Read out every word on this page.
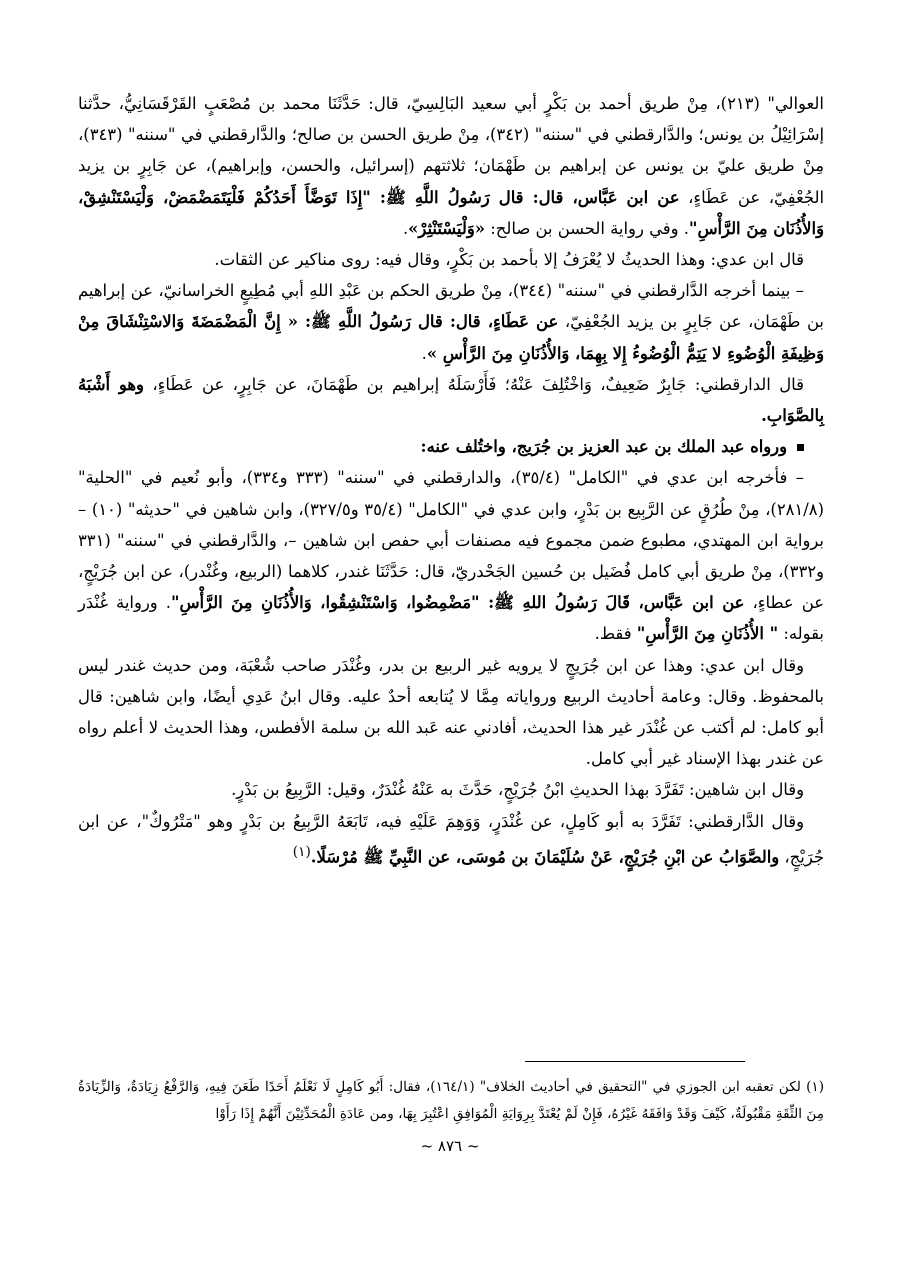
العوالي" (٢١٣)، مِنْ طريق أحمد بن بَكْرٍ أبي سعيد البَالِسِيّ، قال: حَدَّثَنَا محمد بن مُصْعَبٍ القَرْقَسَانِيُّ، حدَّثنا إسْرَائِيْلُ بن يونس؛ والدَّارقطني في "سننه" (٣٤٢)، مِنْ طريق الحسن بن صالح؛ والدَّارقطني في "سننه" (٣٤٣)، مِنْ طريق عليّ بن يونس عن إبراهيم بن طَهْمَان؛ ثلاثتهم (إسرائيل، والحسن، وإبراهيم)، عن جَابِرٍ بن يزيد الجُعْفِيّ، عن عَطَاءٍ، عن ابن عَبَّاس، قال: قال رَسُولُ اللَّهِ ﷺ: "إِذَا تَوَضَّأَ أَحَدُكُمْ فَلْيَتَمَضْمَضْ، وَلْيَسْتَنْشِقْ، وَالأُذُنَان مِنَ الرَّأْسِ". وفي رواية الحسن بن صالح: «وَلْيَسْتَنْثِرْ».

قال ابن عدي: وهذا الحديثُ لا يُعْرَفُ إلا بأحمد بن بَكْرٍ، وقال فيه: روى مناكير عن الثقات.

– بينما أخرجه الدَّارقطني في "سننه" (٣٤٤)، مِنْ طريق الحكم بن عَبْدِ اللهِ أبي مُطِيعٍ الخراسانيّ، عن إبراهيم بن طَهْمَان، عن جَابِرٍ بن يزيد الجُعْفِيّ، عن عَطَاءٍ، قال: قال رَسُولُ اللَّهِ ﷺ: « إِنَّ الْمَضْمَضَةَ وَالاسْتِنْشَاقَ مِنْ وَظِيفَةِ الْوُضُوءِ لا يَتِمُّ الْوُضُوءُ إِلا بِهِمَا، وَالأُذُنَانِ مِنَ الرَّأْسِ ».

قال الدارقطني: جَابِرٌ ضَعِيفٌ، وَاخْتُلِفَ عَنْهُ؛ فَأَرْسَلَهُ إبراهيم بن طَهْمَانَ، عن جَابِرٍ، عن عَطَاءٍ، وهو أَشْبَهُ بِالصَّوَابِ.

ورواه عبد الملك بن عبد العزيز بن جُرَيج، واختُلف عنه:

– فأخرجه ابن عدي في "الكامل" (٣٥/٤)، والدارقطني في "سننه" (٣٣٣ و٣٣٤)، وأبو نُعيم في "الحلية" (٢٨١/٨)، مِنْ طُرُقٍ عن الرَّبِيع بن بَدْرٍ، وابن عدي في "الكامل" (٣٥/٤ و٣٢٧/٥)، وابن شاهين في "حديثه" (١٠) – برواية ابن المهتدي، مطبوع ضمن مجموع فيه مصنفات أبي حفص ابن شاهين –، والدَّارقطني في "سننه" (٣٣١ و٣٣٢)، مِنْ طريق أبي كامل فُضَيل بن حُسين الجَحْدريّ، قال: حَدَّثَنَا غندر، كلاهما (الربيع، وغُنْدر)، عن ابن جُرَيْجٍ، عن عطاءٍ، عن ابن عَبَّاس، قَالَ رَسُولُ اللهِ ﷺ: "مَضْمِضُوا، وَاسْتَنْشِقُوا، وَالأُذُنَانِ مِنَ الرَّأْسِ". ورواية غُنْدَر بقوله: " الأُذُنَانِ مِنَ الرَّأْسِ" فقط.

وقال ابن عدي: وهذا عن ابن جُرَيجٍ لا يرويه غير الربيع بن بدر، وغُنْدَر صاحب شُعْبَة، ومن حديث غندر ليس بالمحفوظ. وقال: وعامة أحاديث الربيع ورواياته مِمَّا لا يُتابعه أحدٌ عليه. وقال ابنُ عَدِي أيضًا، وابن شاهين: قال أبو كامل: لم أكتب عن غُنْدَر غير هذا الحديث، أفادني عنه عَبد الله بن سلمة الأفطس، وهذا الحديث لا أعلم رواه عن غندر بهذا الإسناد غير أبي كامل.

وقال ابن شاهين: تَفَرَّدَ بهذا الحديثِ ابْنُ جُرَيْجٍ، حَدَّثَ به عَنْهُ غُنْدَرٌ، وقيل: الرَّبِيعُ بن بَدْرٍ.

وقال الدَّارقطني: تَفَرَّدَ به أبو كَامِلٍ، عن غُنْدَرٍ، وَوَهِمَ عَلَيْهِ فيه، تَابَعَهُ الرَّبِيعُ بن بَدْرٍ وهو "مَتْرُوكٌ"، عن ابن جُرَيْجٍ، والصَّوَابُ عن ابْنِ جُرَيْجٍ، عَنْ سُلَيْمَانَ بن مُوسَى، عن النَّبِيِّ ﷺ مُرْسَلًا.$^{(١)}$

(١) لكن تعقبه ابن الجوزي في "التحقيق في أحاديث الخلاف" (١٦٤/١)، فقال: أَبُو كَامِلٍ لَا نَعْلَمُ أَحَدًا طَعَنَ فِيهِ، وَالرَّفْعُ زِيَادَةٌ، وَالزِّيَادَةُ مِنَ الثِّقَةِ مَقْبُولَةٌ، كَيْفَ وَقَدْ وَافَقَهُ غَيْرُهُ، فَإِنْ لَمْ يُعْتَدَّ بِرِوَايَةِ الْمُوَافِقِ اعْتُبِرَ بِهَا، ومن عَادَةِ الْمُحَدِّثِيْنَ أَنَّهُمْ إِذَا رَأَوْا

~ ٨٧٦ ~
